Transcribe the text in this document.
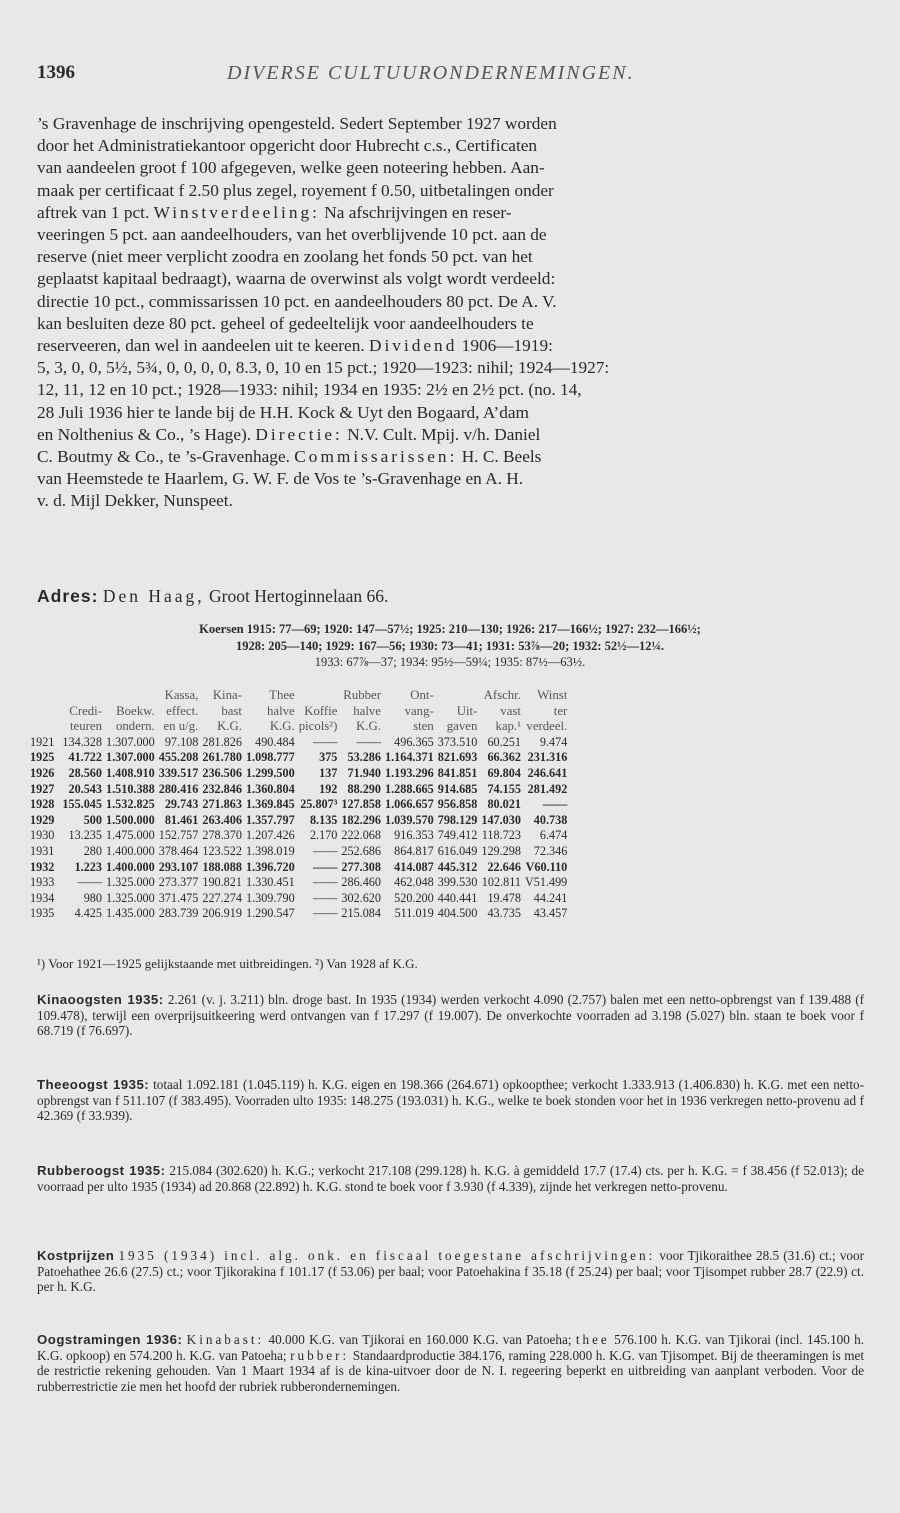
1396	DIVERSE CULTUURONDERNEMINGEN.
’s Gravenhage de inschrijving opengesteld. Sedert September 1927 worden
door het Administratiekantoor opgericht door Hubrecht c.s., Certificaten
van aandeelen groot f 100 afgegeven, welke geen noteering hebben. Aan-
maak per certificaat f 2.50 plus zegel, royement f 0.50, uitbetalingen onder
aftrek van 1 pct. Winstverdeeling: Na afschrijvingen en reser-
veeringen 5 pct. aan aandeelhouders, van het overblijvende 10 pct. aan de
reserve (niet meer verplicht zoodra en zoolang het fonds 50 pct. van het
geplaatst kapitaal bedraagt), waarna de overwinst als volgt wordt verdeeld:
directie 10 pct., commissarissen 10 pct. en aandeelhouders 80 pct. De A. V.
kan besluiten deze 80 pct. geheel of gedeeltelijk voor aandeelhouders te
reserveeren, dan wel in aandeelen uit te keeren. Dividend 1906—1919:
5, 3, 0, 0, 5½, 5¾, 0, 0, 0, 0, 8.3, 0, 10 en 15 pct.; 1920—1923: nihil; 1924—1927:
12, 11, 12 en 10 pct.; 1928—1933: nihil; 1934 en 1935: 2½ en 2½ pct. (no. 14,
28 Juli 1936 hier te lande bij de H.H. Kock & Uyt den Bogaard, A’dam
en Nolthenius & Co., ’s Hage). Directie: N.V. Cult. Mpij. v/h. Daniel
C. Boutmy & Co., te ’s-Gravenhage. Commissarissen: H. C. Beels
van Heemstede te Haarlem, G. W. F. de Vos te ’s-Gravenhage en A. H.
v. d. Mijl Dekker, Nunspeet.
Adres: Den Haag, Groot Hertoginnelaan 66.
Koersen 1915: 77—69; 1920: 147—57½; 1925: 210—130; 1926: 217—166½; 1927: 232—166½;
1928: 205—140; 1929: 167—56; 1930: 73—41; 1931: 53⅞—20; 1932: 52½—12¼.
1933: 67⅞—37; 1934: 95½—59¼; 1935: 87½—63½.
			Kassa,	Kina-	Thee		Rubber	Ont-		Afschr.	Winst
	Credi-	Boekw.	effect.	bast	halve	Koffie	halve	vang-	Uit-	vast	ter
	teuren	ondern.	en u/g.	K.G.	K.G.	picols²)	K.G.	sten	gaven	kap.¹	verdeel.
1921	134.328	1.307.000	97.108	281.826	490.484	——	——	496.365	373.510	60.251	9.474
1925	41.722	1.307.000	455.208	261.780	1.098.777	375	53.286	1.164.371	821.693	66.362	231.316
1926	28.560	1.408.910	339.517	236.506	1.299.500	137	71.940	1.193.296	841.851	69.804	246.641
1927	20.543	1.510.388	280.416	232.846	1.360.804	192	88.290	1.288.665	914.685	74.155	281.492
1928	155.045	1.532.825	29.743	271.863	1.369.845	25.807³	127.858	1.066.657	956.858	80.021	——
1929	500	1.500.000	81.461	263.406	1.357.797	8.135	182.296	1.039.570	798.129	147.030	40.738
1930	13.235	1.475.000	152.757	278.370	1.207.426	2.170	222.068	916.353	749.412	118.723	6.474
1931	280	1.400.000	378.464	123.522	1.398.019	——	252.686	864.817	616.049	129.298	72.346
1932	1.223	1.400.000	293.107	188.088	1.396.720	——	277.308	414.087	445.312	22.646	V60.110
1933	——	1.325.000	273.377	190.821	1.330.451	——	286.460	462.048	399.530	102.811	V51.499
1934	980	1.325.000	371.475	227.274	1.309.790	——	302.620	520.200	440.441	19.478	44.241
1935	4.425	1.435.000	283.739	206.919	1.290.547	——	215.084	511.019	404.500	43.735	43.457
¹) Voor 1921—1925 gelijkstaande met uitbreidingen. ²) Van 1928 af K.G.
Kinaoogsten 1935: 2.261 (v. j. 3.211) bln. droge bast. In 1935 (1934) werden verkocht 4.090 (2.757) balen met een netto-opbrengst van f 139.488 (f 109.478), terwijl een overprijsuitkeering werd ontvangen van f 17.297 (f 19.007). De onverkochte voorraden ad 3.198 (5.027) bln. staan te boek voor f 68.719 (f 76.697).
Theeoogst 1935: totaal 1.092.181 (1.045.119) h. K.G. eigen en 198.366 (264.671) opkoopthee; verkocht 1.333.913 (1.406.830) h. K.G. met een netto-opbrengst van f 511.107 (f 383.495). Voorraden ulto 1935: 148.275 (193.031) h. K.G., welke te boek stonden voor het in 1936 verkregen netto-provenu ad f 42.369 (f 33.939).
Rubberoogst 1935: 215.084 (302.620) h. K.G.; verkocht 217.108 (299.128) h. K.G. à gemiddeld 17.7 (17.4) cts. per h. K.G. = f 38.456 (f 52.013); de voorraad per ulto 1935 (1934) ad 20.868 (22.892) h. K.G. stond te boek voor f 3.930 (f 4.339), zijnde het verkregen netto-provenu.
Kostprijzen 1935 (1934) incl. alg. onk. en fiscaal toegestane afschrijvingen: voor Tjikoraithee 28.5 (31.6) ct.; voor Patoehathee 26.6 (27.5) ct.; voor Tjikorakina f 101.17 (f 53.06) per baal; voor Patoehakina f 35.18 (f 25.24) per baal; voor Tjisompet rubber 28.7 (22.9) ct. per h. K.G.
Oogstramingen 1936: Kinabast: 40.000 K.G. van Tjikorai en 160.000 K.G. van Patoeha; thee 576.100 h. K.G. van Tjikorai (incl. 145.100 h. K.G. opkoop) en 574.200 h. K.G. van Patoeha; rubber: Standaardproductie 384.176, raming 228.000 h. K.G. van Tjisompet. Bij de theeramingen is met de restrictie rekening gehouden. Van 1 Maart 1934 af is de kina-uitvoer door de N. I. regeering beperkt en uitbreiding van aanplant verboden. Voor de rubberrestrictie zie men het hoofd der rubriek rubberondernemingen.
